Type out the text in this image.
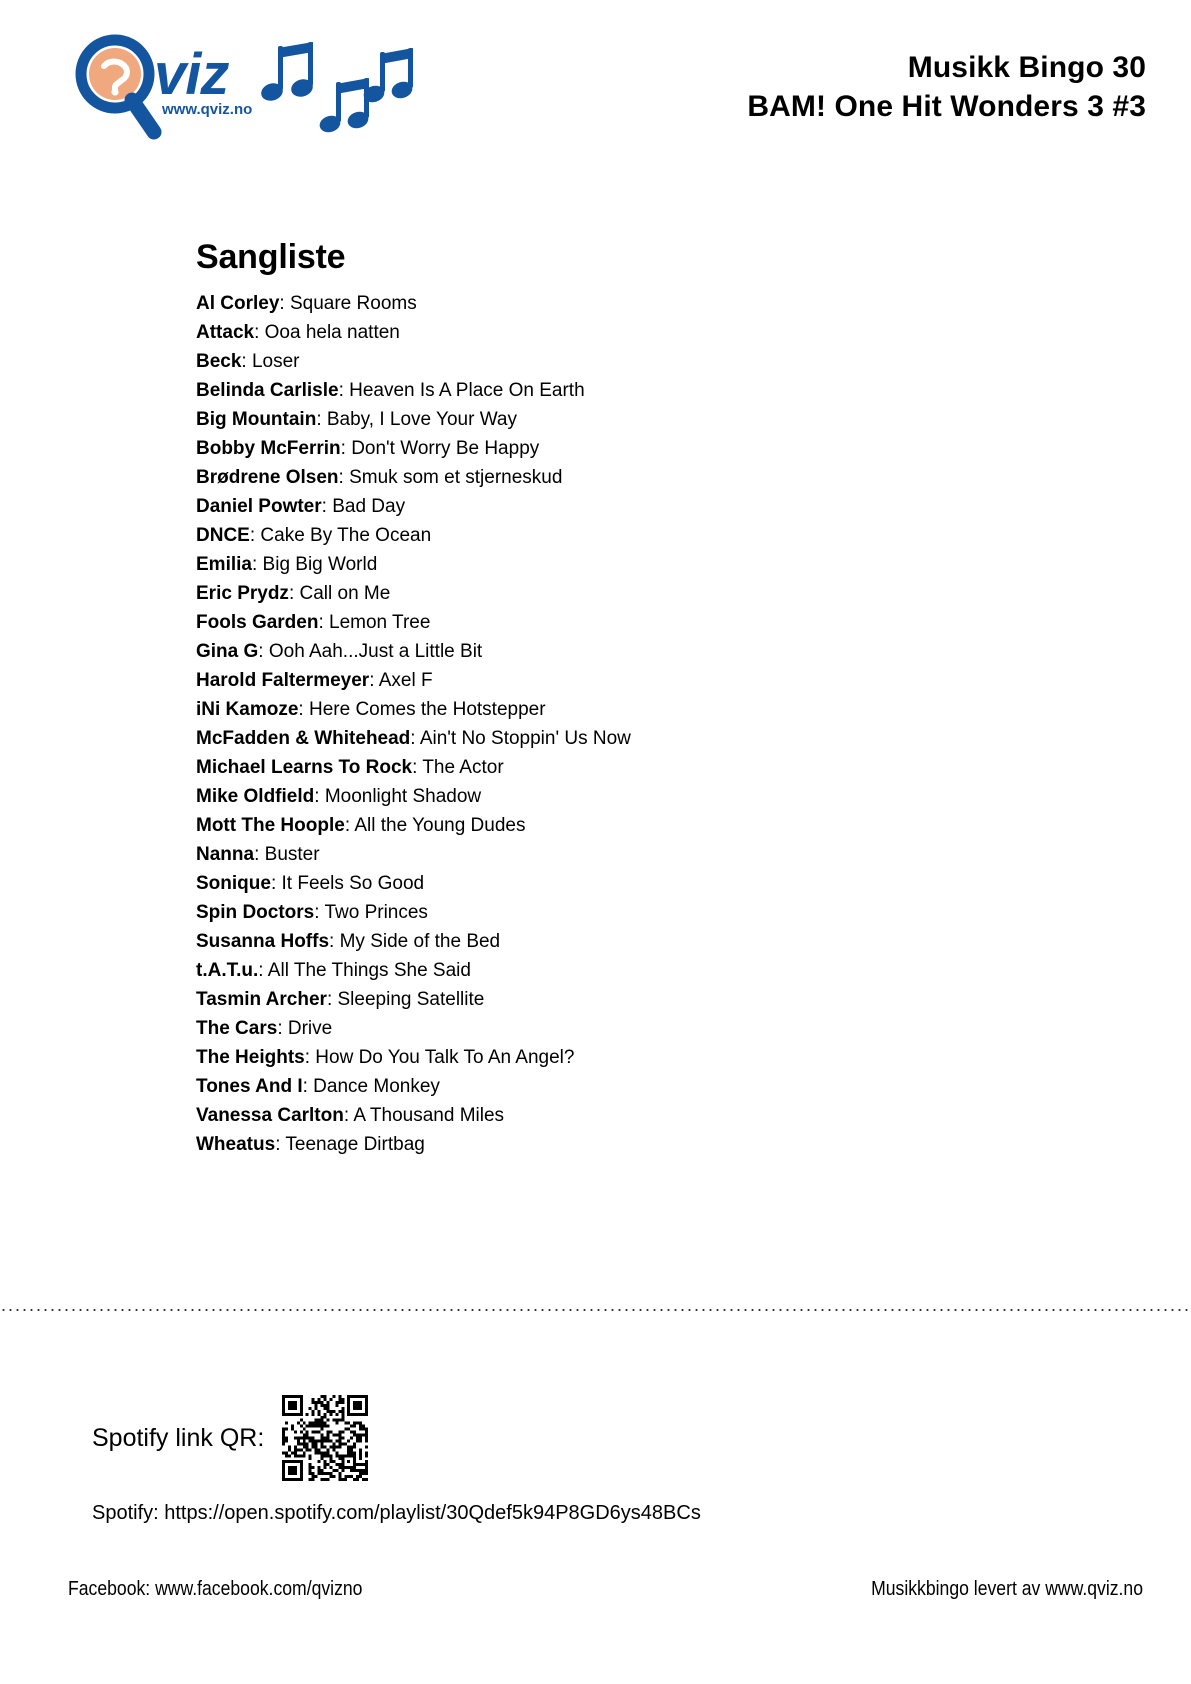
viz
www.qviz.no
Musikk Bingo 30
BAM! One Hit Wonders 3 #3
Sangliste
Al Corley: Square Rooms
Attack: Ooa hela natten
Beck: Loser
Belinda Carlisle: Heaven Is A Place On Earth
Big Mountain: Baby, I Love Your Way
Bobby McFerrin: Don't Worry Be Happy
Brødrene Olsen: Smuk som et stjerneskud
Daniel Powter: Bad Day
DNCE: Cake By The Ocean
Emilia: Big Big World
Eric Prydz: Call on Me
Fools Garden: Lemon Tree
Gina G: Ooh Aah...Just a Little Bit
Harold Faltermeyer: Axel F
iNi Kamoze: Here Comes the Hotstepper
McFadden & Whitehead: Ain't No Stoppin' Us Now
Michael Learns To Rock: The Actor
Mike Oldfield: Moonlight Shadow
Mott The Hoople: All the Young Dudes
Nanna: Buster
Sonique: It Feels So Good
Spin Doctors: Two Princes
Susanna Hoffs: My Side of the Bed
t.A.T.u.: All The Things She Said
Tasmin Archer: Sleeping Satellite
The Cars: Drive
The Heights: How Do You Talk To An Angel?
Tones And I: Dance Monkey
Vanessa Carlton: A Thousand Miles
Wheatus: Teenage Dirtbag
Spotify link QR:
Spotify: https://open.spotify.com/playlist/30Qdef5k94P8GD6ys48BCs
Facebook: www.facebook.com/qvizno	Musikkbingo levert av www.qviz.no
